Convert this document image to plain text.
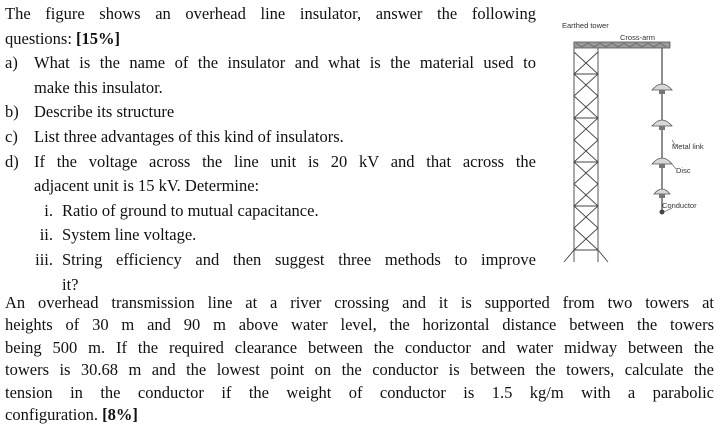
The figure shows an overhead line insulator, answer the following
questions: [15%]
a) What is the name of the insulator and what is the material used to
make this insulator.
b) Describe its structure
c) List three advantages of this kind of insulators.
d) If the voltage across the line unit is 20 kV and that across the
adjacent unit is 15 kV. Determine:
i. Ratio of ground to mutual capacitance.
ii. System line voltage.
iii. String efficiency and then suggest three methods to improve
it?
Earthed tower
Cross-arm
Metal link
Disc
Conductor
An overhead transmission line at a river crossing and it is supported from two towers at
heights of 30 m and 90 m above water level, the horizontal distance between the towers
being 500 m. If the required clearance between the conductor and water midway between the
towers is 30.68 m and the lowest point on the conductor is between the towers, calculate the
tension in the conductor if the weight of conductor is 1.5 kg/m with a parabolic
configuration. [8%]
